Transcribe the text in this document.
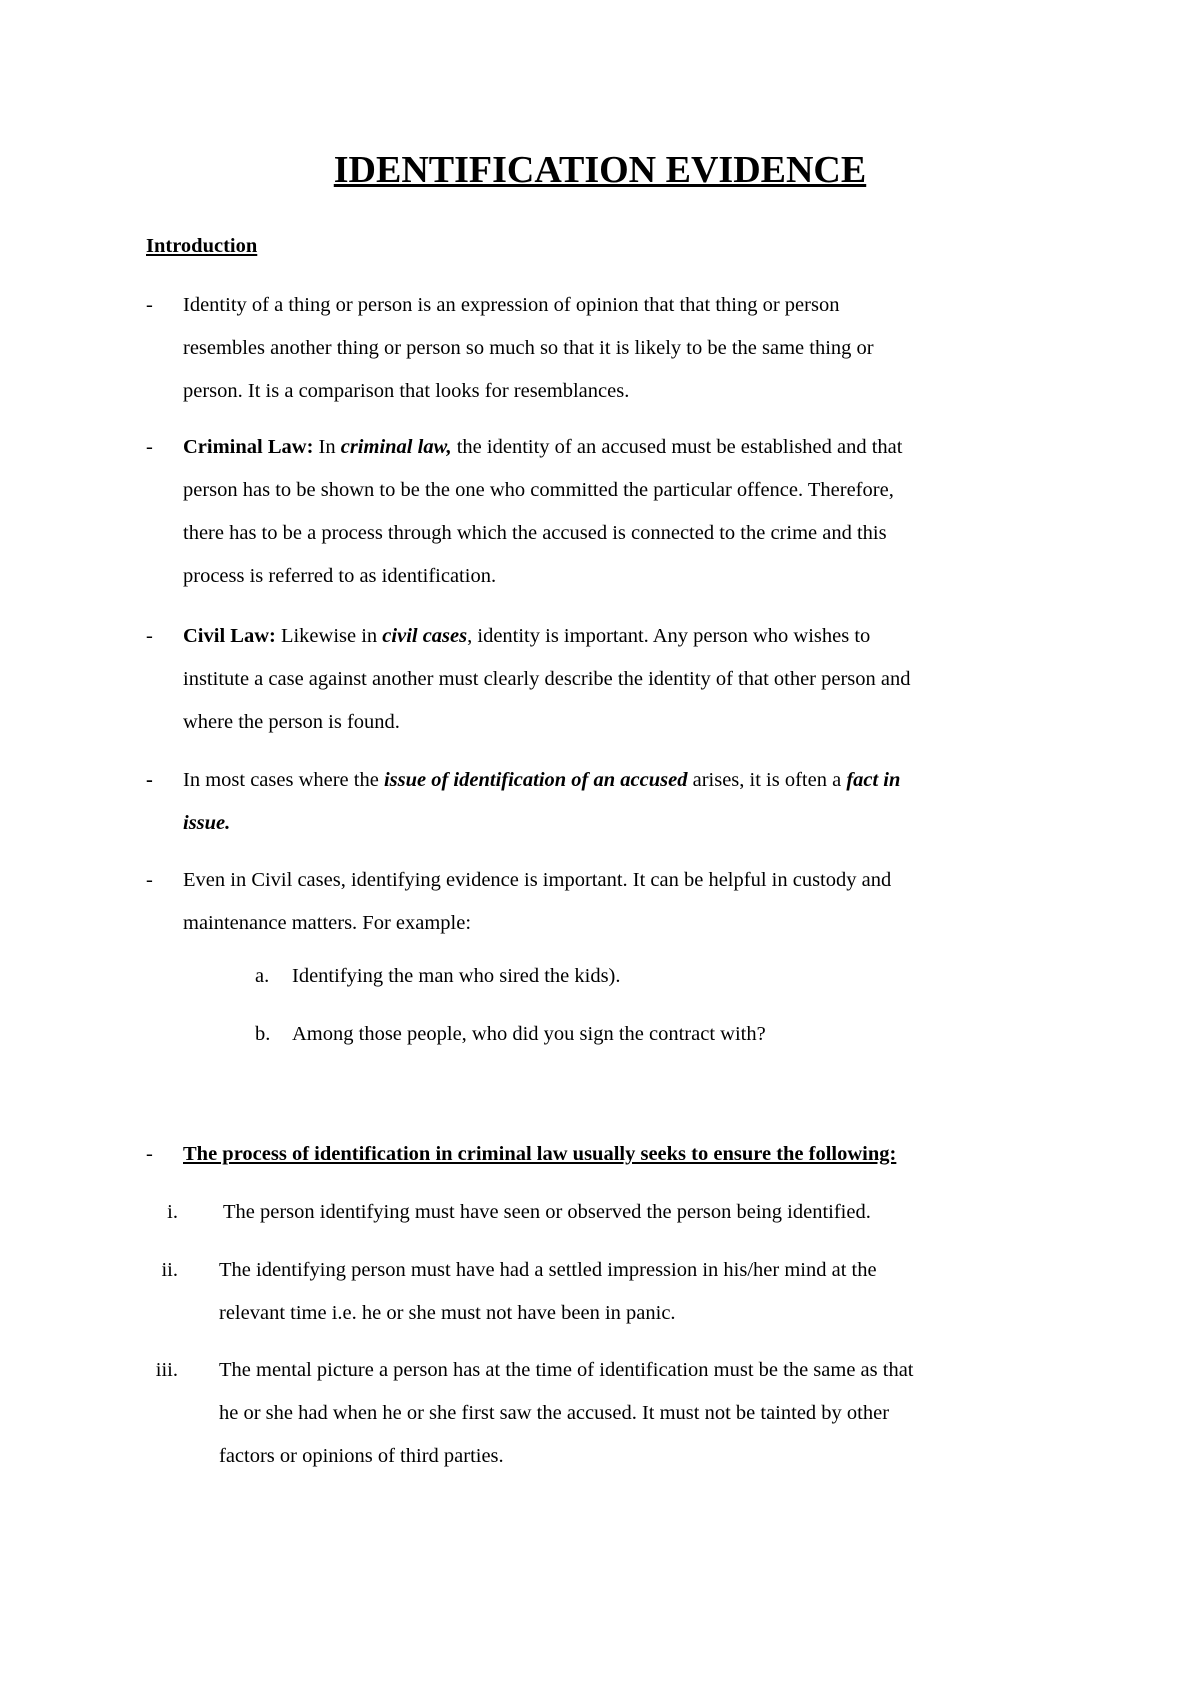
IDENTIFICATION EVIDENCE
Introduction
-	Identity of a thing or person is an expression of opinion that that thing or person
resembles another thing or person so much so that it is likely to be the same thing or
person. It is a comparison that looks for resemblances.
-	Criminal Law: In criminal law, the identity of an accused must be established and that
person has to be shown to be the one who committed the particular offence. Therefore,
there has to be a process through which the accused is connected to the crime and this
process is referred to as identification.
-	Civil Law: Likewise in civil cases, identity is important. Any person who wishes to
institute a case against another must clearly describe the identity of that other person and
where the person is found.
-	In most cases where the issue of identification of an accused arises, it is often a fact in
issue.
-	Even in Civil cases, identifying evidence is important. It can be helpful in custody and
maintenance matters. For example:
a. Identifying the man who sired the kids).
b. Among those people, who did you sign the contract with?
-	The process of identification in criminal law usually seeks to ensure the following:
i. The person identifying must have seen or observed the person being identified.
ii. The identifying person must have had a settled impression in his/her mind at the
relevant time i.e. he or she must not have been in panic.
iii. The mental picture a person has at the time of identification must be the same as that
he or she had when he or she first saw the accused. It must not be tainted by other
factors or opinions of third parties.
